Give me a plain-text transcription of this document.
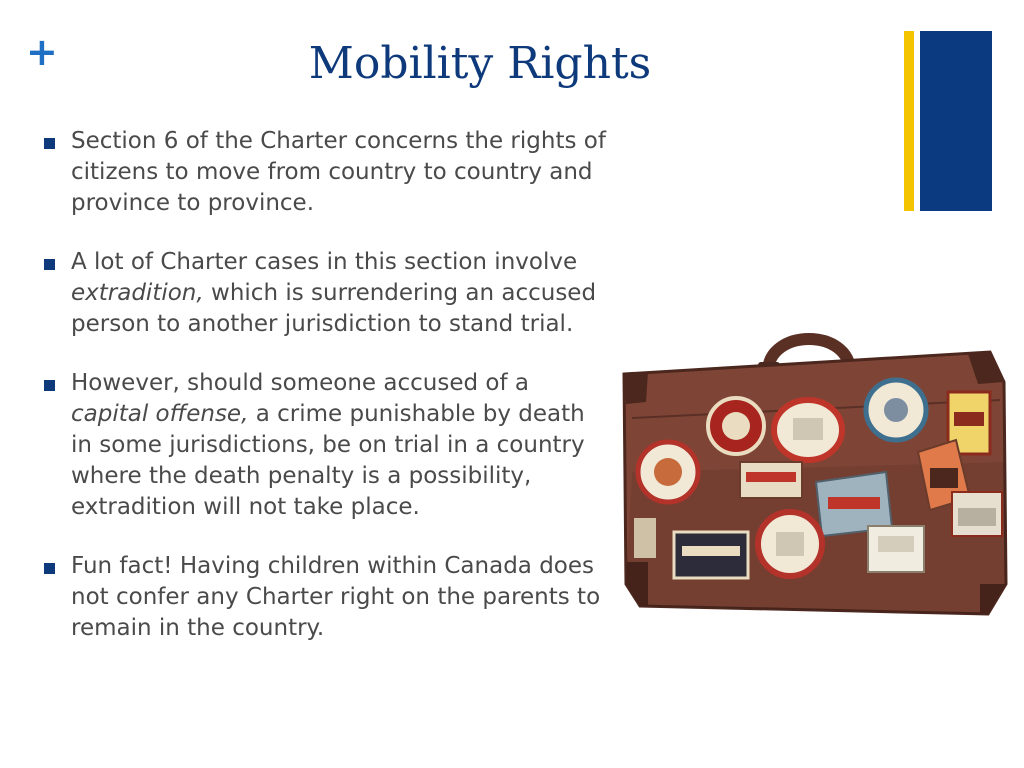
+	Mobility Rights
Section 6 of the Charter concerns the rights of citizens to move from country to country and province to province.
A lot of Charter cases in this section involve extradition, which is surrendering an accused person to another jurisdiction to stand trial.
However, should someone accused of a capital offense, a crime punishable by death in some jurisdictions, be on trial in a country where the death penalty is a possibility, extradition will not take place.
Fun fact! Having children within Canada does not confer any Charter right on the parents to remain in the country.
